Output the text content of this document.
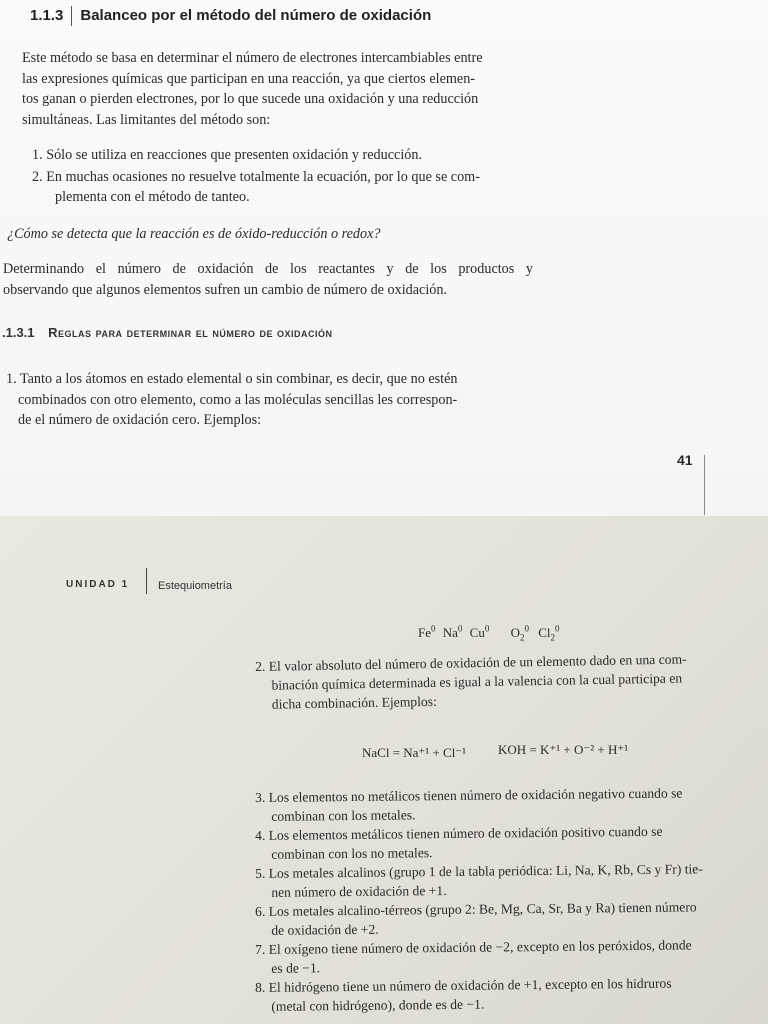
1.1.3 Balanceo por el método del número de oxidación
Este método se basa en determinar el número de electrones intercambiables entre
las expresiones químicas que participan en una reacción, ya que ciertos elemen-
tos ganan o pierden electrones, por lo que sucede una oxidación y una reducción
simultáneas. Las limitantes del método son:
1. Sólo se utiliza en reacciones que presenten oxidación y reducción.
2. En muchas ocasiones no resuelve totalmente la ecuación, por lo que se com-
plementa con el método de tanteo.
¿Cómo se detecta que la reacción es de óxido-reducción o redox?
Determinando el número de oxidación de los reactantes y de los productos y
observando que algunos elementos sufren un cambio de número de oxidación.
.1.3.1 Reglas para determinar el número de oxidación
1. Tanto a los átomos en estado elemental o sin combinar, es decir, que no estén
combinados con otro elemento, como a las moléculas sencillas les correspon-
de el número de oxidación cero. Ejemplos:
41
UNIDAD 1	Estequiometría
Fe$^0$ Na$^0$ Cu$^0$ $O_2^0$ $Cl_2^0$
2. El valor absoluto del número de oxidación de un elemento dado en una com-
binación química determinada es igual a la valencia con la cual participa en
dicha combinación. Ejemplos:
NaCl = Na⁺¹ + Cl⁻¹ KOH = K⁺¹ + O⁻² + H⁺¹
3. Los elementos no metálicos tienen número de oxidación negativo cuando se
combinan con los metales.
4. Los elementos metálicos tienen número de oxidación positivo cuando se
combinan con los no metales.
5. Los metales alcalinos (grupo 1 de la tabla periódica: Li, Na, K, Rb, Cs y Fr) tie-
nen número de oxidación de +1.
6. Los metales alcalino-térreos (grupo 2: Be, Mg, Ca, Sr, Ba y Ra) tienen número
de oxidación de +2.
7. El oxígeno tiene número de oxidación de −2, excepto en los peróxidos, donde
es de −1.
8. El hidrógeno tiene un número de oxidación de +1, excepto en los hidruros
(metal con hidrógeno), donde es de −1.
